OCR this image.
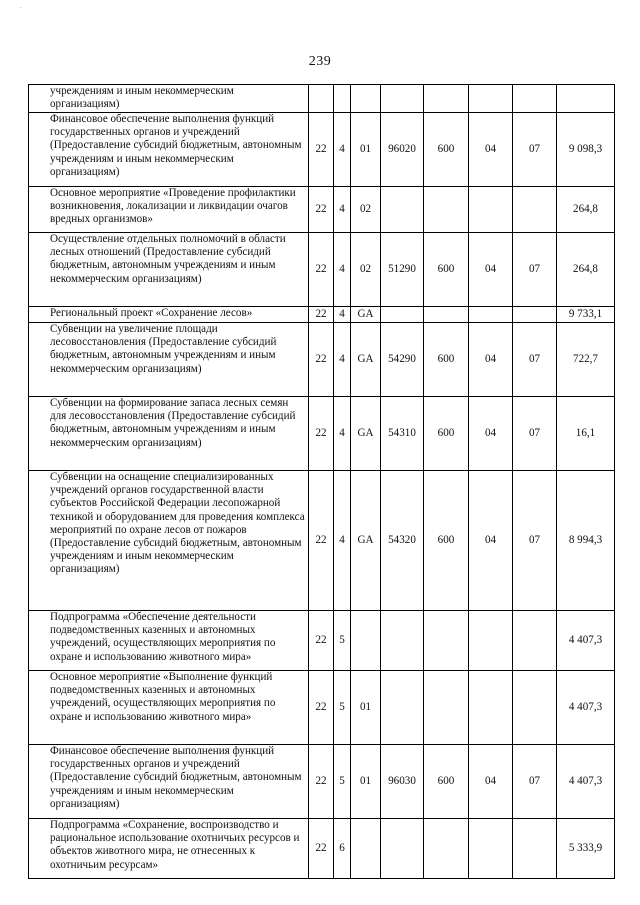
.
239
учреждениям и иным некоммерческим организациям)								
Финансовое обеспечение выполнения функций государственных органов и учреждений (Предоставление субсидий бюджетным, автономным учреждениям и иным некоммерческим организациям)	22	4	01	96020	600	04	07	9 098,3
Основное мероприятие «Проведение профилактики возникновения, локализации и ликвидации очагов вредных организмов»	22	4	02					264,8
Осуществление отдельных полномочий в области лесных отношений (Предоставление субсидий бюджетным, автономным учреждениям и иным некоммерческим организациям)	22	4	02	51290	600	04	07	264,8
Региональный проект «Сохранение лесов»	22	4	GA					9 733,1
Субвенции на увеличение площади лесовосстановления (Предоставление субсидий бюджетным, автономным учреждениям и иным некоммерческим организациям)	22	4	GA	54290	600	04	07	722,7
Субвенции на формирование запаса лесных семян для лесовосстановления (Предоставление субсидий бюджетным, автономным учреждениям и иным некоммерческим организациям)	22	4	GA	54310	600	04	07	16,1
Субвенции на оснащение специализированных учреждений органов государственной власти субъектов Российской Федерации лесопожарной техникой и оборудованием для проведения комплекса мероприятий по охране лесов от пожаров (Предоставление субсидий бюджетным, автономным учреждениям и иным некоммерческим организациям)	22	4	GA	54320	600	04	07	8 994,3
Подпрограмма «Обеспечение деятельности подведомственных казенных и автономных учреждений, осуществляющих мероприятия по охране и использованию животного мира»	22	5						4 407,3
Основное мероприятие «Выполнение функций подведомственных казенных и автономных учреждений, осуществляющих мероприятия по охране и использованию животного мира»	22	5	01					4 407,3
Финансовое обеспечение выполнения функций государственных органов и учреждений (Предоставление субсидий бюджетным, автономным учреждениям и иным некоммерческим организациям)	22	5	01	96030	600	04	07	4 407,3
Подпрограмма «Сохранение, воспроизводство и рациональное использование охотничьих ресурсов и объектов животного мира, не отнесенных к охотничьим ресурсам»	22	6						5 333,9
